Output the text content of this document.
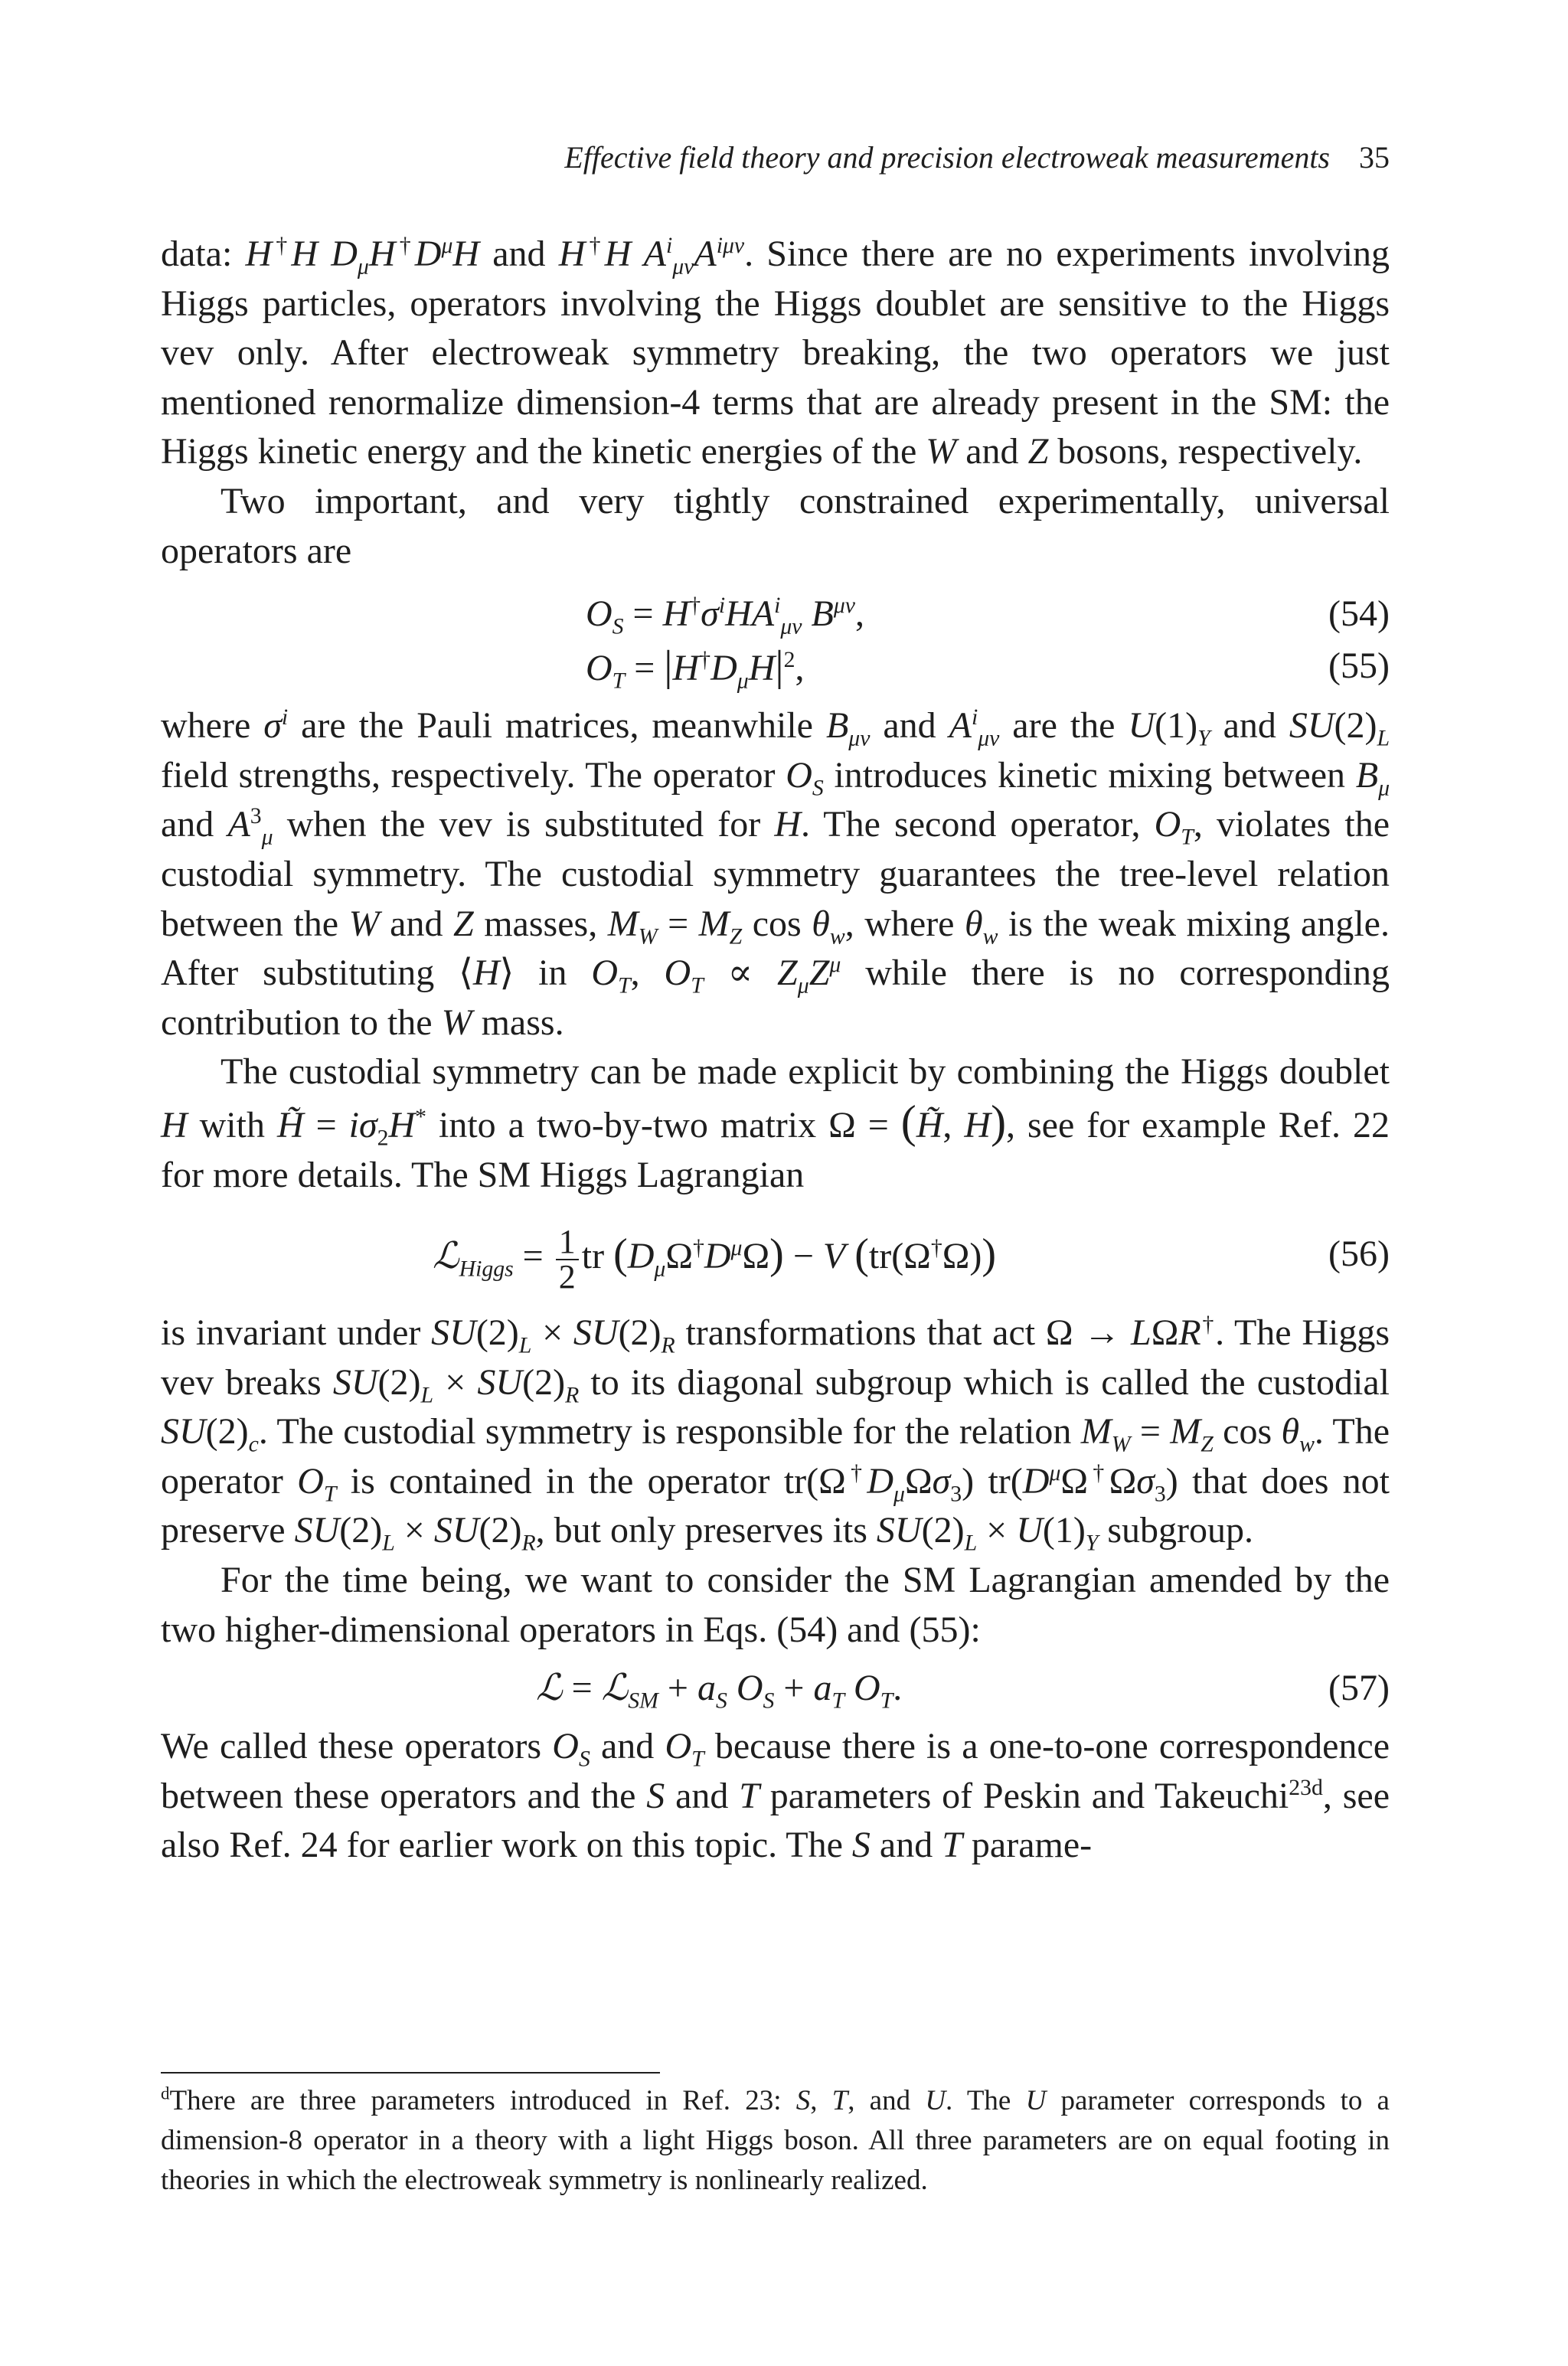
Effective field theory and precision electroweak measurements 35

data: H†H $D_\mu H^\dagger D^\mu H$ and H†H $A^i_{\mu\nu}A^{i\mu\nu}$. Since there are no experiments involving Higgs particles, operators involving the Higgs doublet are sensitive to the Higgs vev only. After electroweak symmetry breaking, the two operators we just mentioned renormalize dimension-4 terms that are already present in the SM: the Higgs kinetic energy and the kinetic energies of the W and Z bosons, respectively.

Two important, and very tightly constrained experimentally, universal operators are

$O_S = H^\dagger\sigma^iHA^i_{\mu\nu}$ $B^{\mu\nu}$,	(54)
$O_T = |H^\dagger D_\mu H|^2$,	(55)

where $\sigma^i$ are the Pauli matrices, meanwhile $B_{\mu\nu}$ and $A^i_{\mu\nu}$ are the $U(1)_Y$ and $SU(2)_L$ field strengths, respectively. The operator $O_S$ introduces kinetic mixing between $B_\mu$ and $A^3_\mu$ when the vev is substituted for H. The second operator, $O_T$, violates the custodial symmetry. The custodial symmetry guarantees the tree-level relation between the W and Z masses, $M_W = M_Z$ $\cos \theta_w$, where $\theta_w$ is the weak mixing angle. After substituting ⟨H⟩ in $O_T$, $O_T \propto Z_\mu Z^\mu$ while there is no corresponding contribution to the W mass.

The custodial symmetry can be made explicit by combining the Higgs doublet H with H̃ = $i\sigma_2H^*$ into a two-by-two matrix Ω = (H̃, H), see for example Ref. 22 for more details. The SM Higgs Lagrangian

ℒ$_{Higgs}$ = $\frac{1}{2}$ tr $(D_\mu\Omega^\dagger D^\mu\Omega) - V$ (tr(Ω†Ω))	(56)

is invariant under $SU(2)_L \times SU(2)_R$ transformations that act Ω → LΩR†. The Higgs vev breaks $SU(2)_L \times SU(2)_R$ to its diagonal subgroup which is called the custodial $SU(2)_c$. The custodial symmetry is responsible for the relation $M_W = M_Z$ $\cos \theta_w$. The operator $O_T$ is contained in the operator $tr(\Omega^\dagger D_\mu\Omega\sigma_3)$ $tr(D^\mu\Omega^\dagger\Omega\sigma_3)$ that does not preserve $SU(2)_L \times SU(2)_R$, but only preserves its $SU(2)_L \times U(1)_Y$ subgroup.

For the time being, we want to consider the SM Lagrangian amended by the two higher-dimensional operators in Eqs. (54) and (55):

ℒ = ℒ$_{SM}$ + $a_S$ $O_S + a_T$ $O_T$.	(57)

We called these operators $O_S$ and $O_T$ because there is a one-to-one correspondence between these operators and the S and T parameters of Peskin and Takeuchi$^{23d}$, see also Ref. 24 for earlier work on this topic. The S and T parame-

$^d$There are three parameters introduced in Ref. 23: S, T, and U. The U parameter corresponds to a dimension-8 operator in a theory with a light Higgs boson. All three parameters are on equal footing in theories in which the electroweak symmetry is nonlinearly realized.
